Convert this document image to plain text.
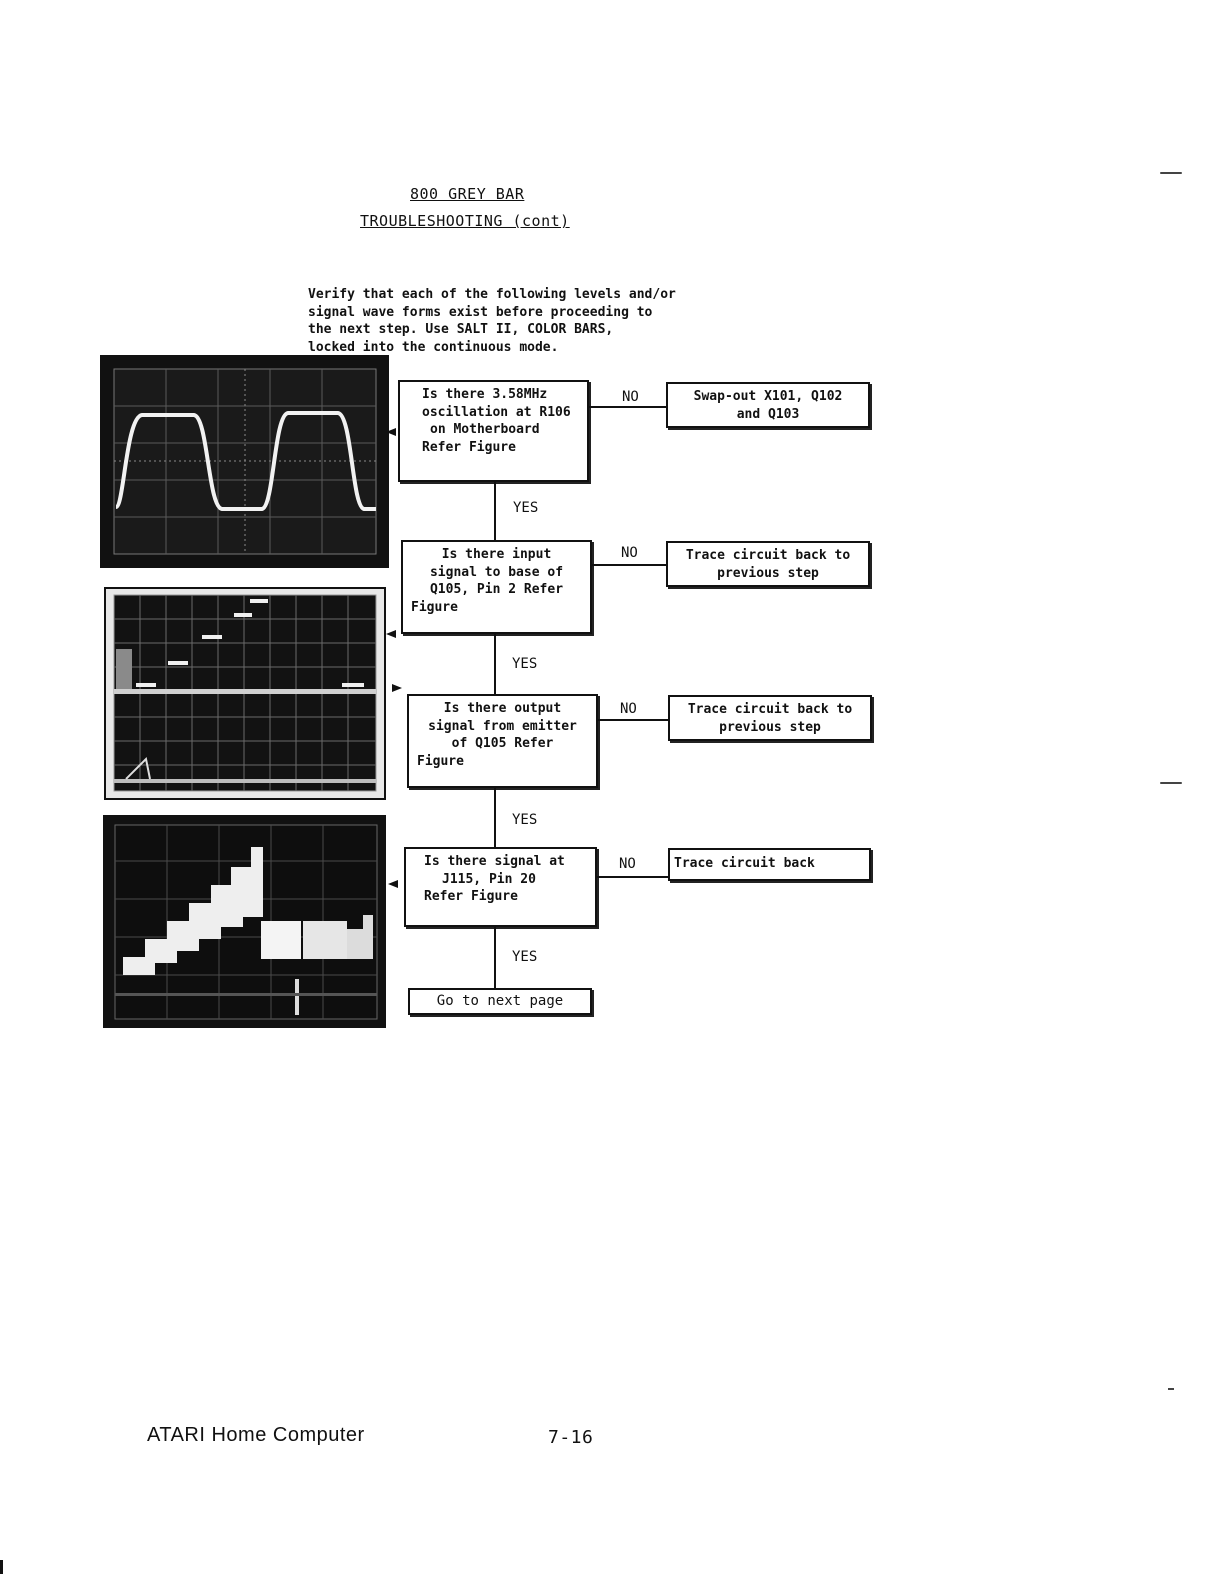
800 GREY BAR
TROUBLESHOOTING (cont)
Verify that each of the following levels and/or
signal wave forms exist before proceeding to
the next step. Use SALT II, COLOR BARS,
locked into the continuous mode.
Is there 3.58MHz
oscillation at R106
on Motherboard
Refer Figure
Is there input
signal to base of
Q105, Pin 2 Refer
Figure
Is there output
signal from emitter
of Q105 Refer
Figure
Is there signal at
J115, Pin 20
Refer Figure
Swap-out X101, Q102
and Q103
Trace circuit back to
previous step
Trace circuit back to
previous step
Trace circuit back
Go to next page
YES
YES
YES
YES
NO
NO
NO
NO
ATARI Home Computer	7-16
